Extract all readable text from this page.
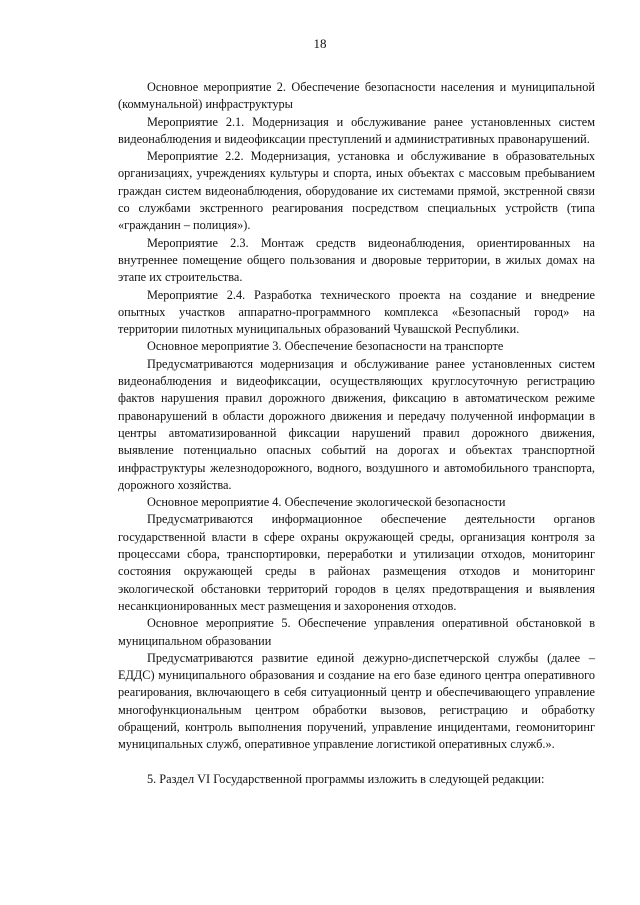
18

Основное мероприятие 2. Обеспечение безопасности населения и муниципальной (коммунальной) инфраструктуры

Мероприятие 2.1. Модернизация и обслуживание ранее установленных систем видеонаблюдения и видеофиксации преступлений и административных правонарушений.

Мероприятие 2.2. Модернизация, установка и обслуживание в образовательных организациях, учреждениях культуры и спорта, иных объектах с массовым пребыванием граждан систем видеонаблюдения, оборудование их системами прямой, экстренной связи со службами экстренного реагирования посредством специальных устройств (типа «гражданин – полиция»).

Мероприятие 2.3. Монтаж средств видеонаблюдения, ориентированных на внутреннее помещение общего пользования и дворовые территории, в жилых домах на этапе их строительства.

Мероприятие 2.4. Разработка технического проекта на создание и внедрение опытных участков аппаратно-программного комплекса «Безопасный город» на территории пилотных муниципальных образований Чувашской Республики.

Основное мероприятие 3. Обеспечение безопасности на транспорте

Предусматриваются модернизация и обслуживание ранее установленных систем видеонаблюдения и видеофиксации, осуществляющих круглосуточную регистрацию фактов нарушения правил дорожного движения, фиксацию в автоматическом режиме правонарушений в области дорожного движения и передачу полученной информации в центры автоматизированной фиксации нарушений правил дорожного движения, выявление потенциально опасных событий на дорогах и объектах транспортной инфраструктуры железнодорожного, водного, воздушного и автомобильного транспорта, дорожного хозяйства.

Основное мероприятие 4. Обеспечение экологической безопасности

Предусматриваются информационное обеспечение деятельности органов государственной власти в сфере охраны окружающей среды, организация контроля за процессами сбора, транспортировки, переработки и утилизации отходов, мониторинг состояния окружающей среды в районах размещения отходов и мониторинг экологической обстановки территорий городов в целях предотвращения и выявления несанкционированных мест размещения и захоронения отходов.

Основное мероприятие 5. Обеспечение управления оперативной обстановкой в муниципальном образовании

Предусматриваются развитие единой дежурно-диспетчерской службы (далее – ЕДДС) муниципального образования и создание на его базе единого центра оперативного реагирования, включающего в себя ситуационный центр и обеспечивающего управление многофункциональным центром обработки вызовов, регистрацию и обработку обращений, контроль выполнения поручений, управление инцидентами, геомониторинг муниципальных служб, оперативное управление логистикой оперативных служб.».

5. Раздел VI Государственной программы изложить в следующей редакции:
